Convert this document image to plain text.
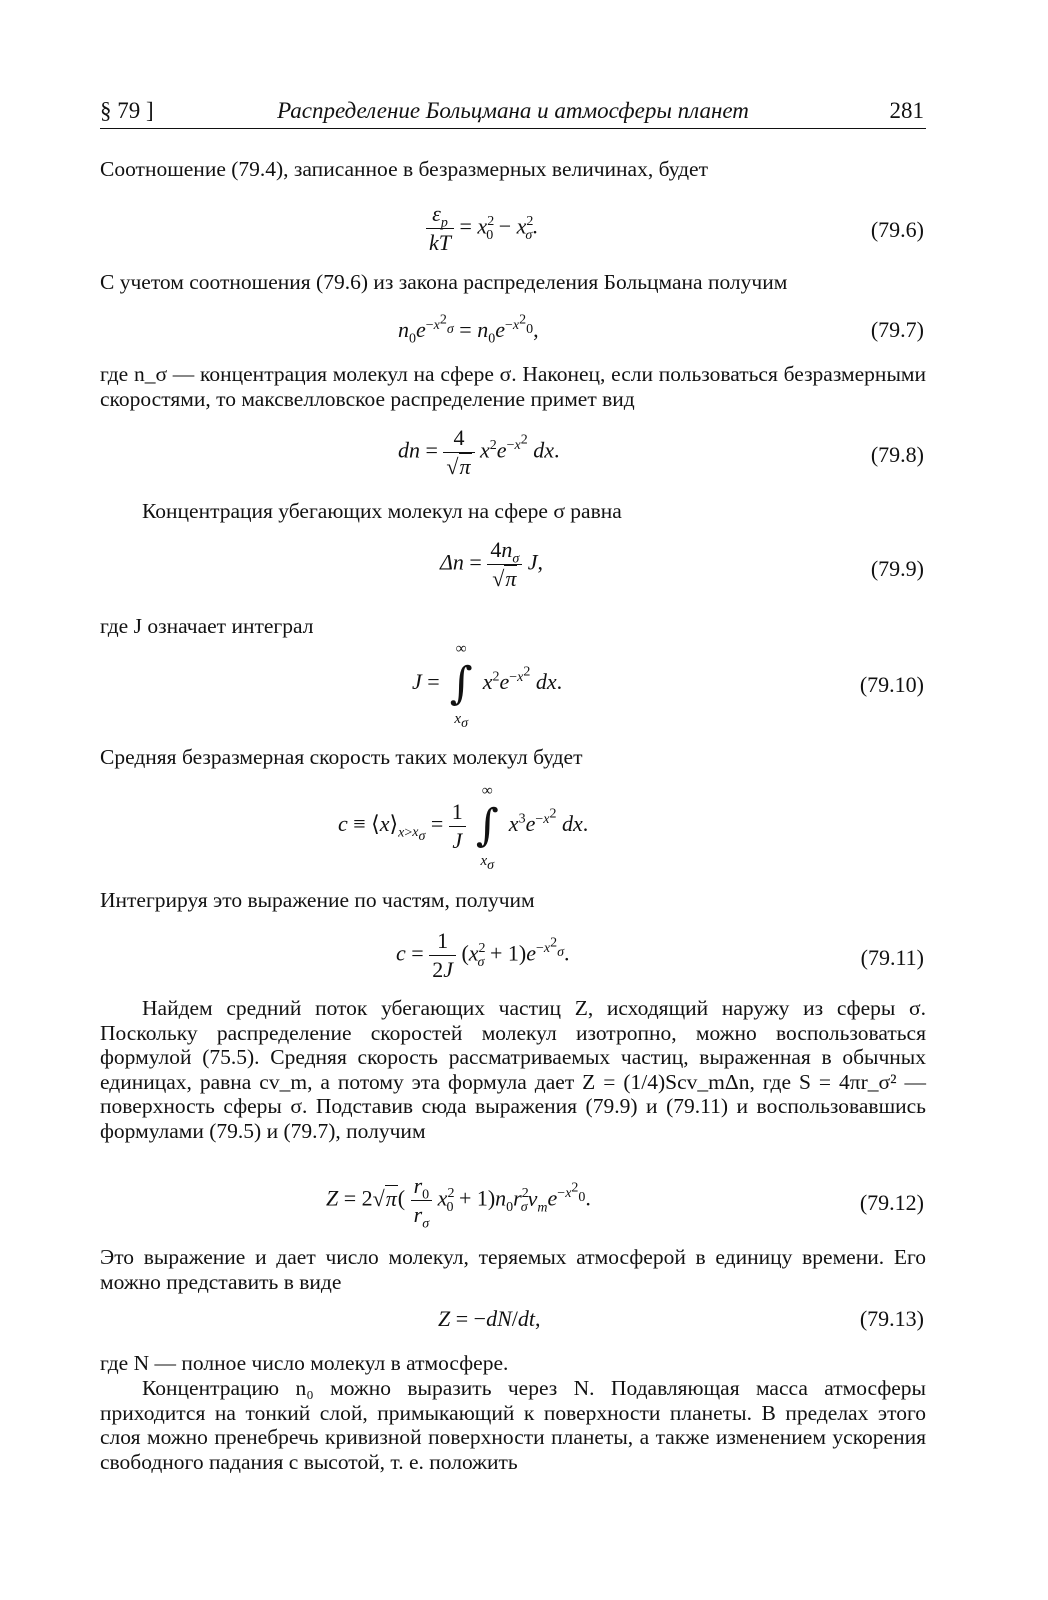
§ 79 ]	Распределение Больцмана и атмосферы планет	281

Соотношение (79.4), записанное в безразмерных величинах, будет

$\frac{\varepsilon_p}{kT} = x^2_0 - x^2_\sigma$.	(79.6)

С учетом соотношения (79.6) из закона распределения Больцмана получим

$n_0e^{-x^2_\sigma} = n_0e^{-x^2_0}$,	(79.7)

где n_σ — концентрация молекул на сфере σ. Наконец, если пользоваться безразмерными скоростями, то максвелловское распределение примет вид

dn = $\frac{4}{√\pi} x^2e^{-x^2}$ dx.	(79.8)

Концентрация убегающих молекул на сфере σ равна

$\Delta n = \frac{4n_\sigma}{√\pi} J$,	(79.9)

где J означает интеграл

J =
∞
∫
$x_\sigma$
$x^2e^{-x^2}$ dx.	(79.10)

Средняя безразмерная скорость таких молекул будет

$c \equiv ⟨x⟩_{x>x_\sigma} = \frac{1}{J}$

∞
∫
$x_\sigma$
$x^3e^{-x^2}$ dx.

Интегрируя это выражение по частям, получим

$c = \frac{1}{2J} (x^2_\sigma + 1)e^{-x^2_\sigma}$.	(79.11)

Найдем средний поток убегающих частиц Z, исходящий наружу из сферы σ. Поскольку распределение скоростей молекул изотропно, можно воспользоваться формулой (75.5). Средняя скорость рассматриваемых частиц, выраженная в обычных единицах, равна cv_m, а потому эта формула дает Z = (1/4)Scv_mΔn, где S = 4πr_σ² — поверхность сферы σ. Подставив сюда выражения (79.9) и (79.11) и воспользовавшись формулами (79.5) и (79.7), получим

$Z = 2√\pi( \frac{r_0}{r_\sigma} x^2_0 + 1)n_0r^2_\sigma v_me^{-x^2_0}$.	(79.12)

Это выражение и дает число молекул, теряемых атмосферой в единицу времени. Его можно представить в виде

Z = −dN/dt,	(79.13)

где N — полное число молекул в атмосфере.

Концентрацию n₀ можно выразить через N. Подавляющая масса атмосферы приходится на тонкий слой, примыкающий к поверхности планеты. В пределах этого слоя можно пренебречь кривизной поверхности планеты, а также изменением ускорения свободного падания с высотой, т. е. положить
